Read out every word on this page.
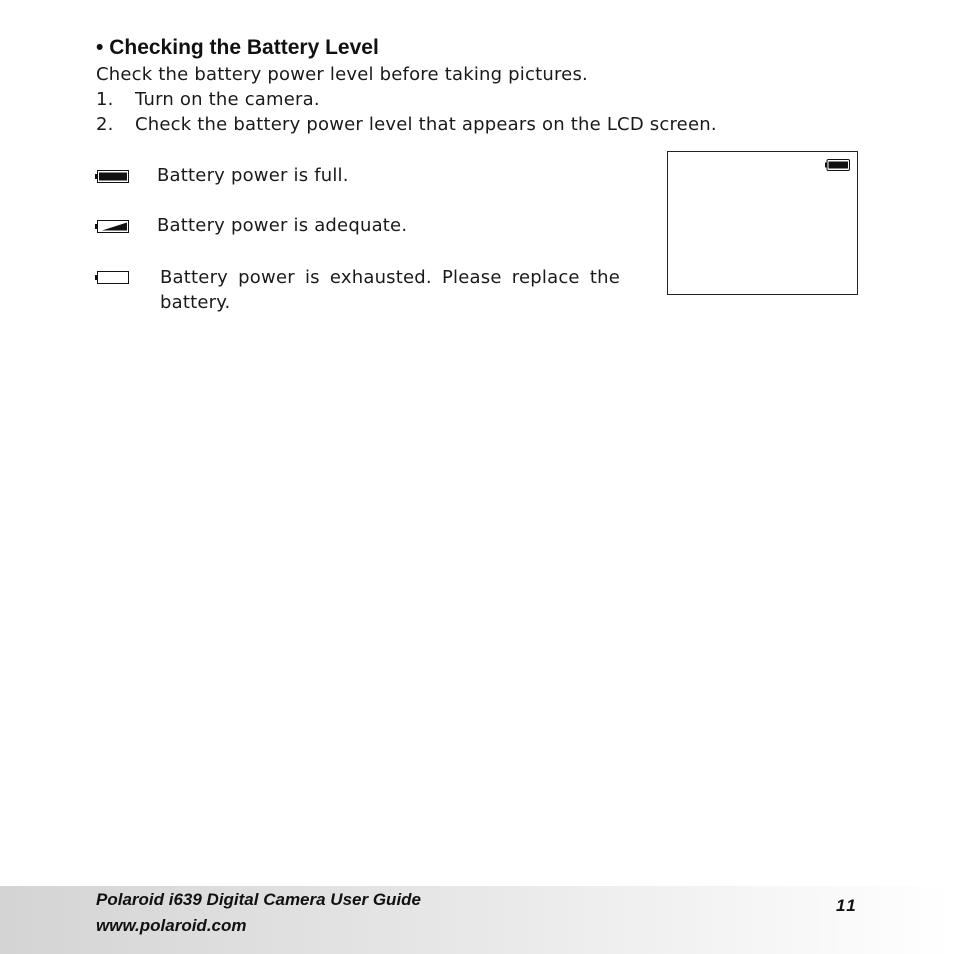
• Checking the Battery Level
Check the battery power level before taking pictures.
1. Turn on the camera.
2. Check the battery power level that appears on the LCD screen.
Battery power is full.
Battery power is adequate.
Battery power is exhausted. Please replace the battery.
Polaroid i639 Digital Camera User Guide
www.polaroid.com
11
